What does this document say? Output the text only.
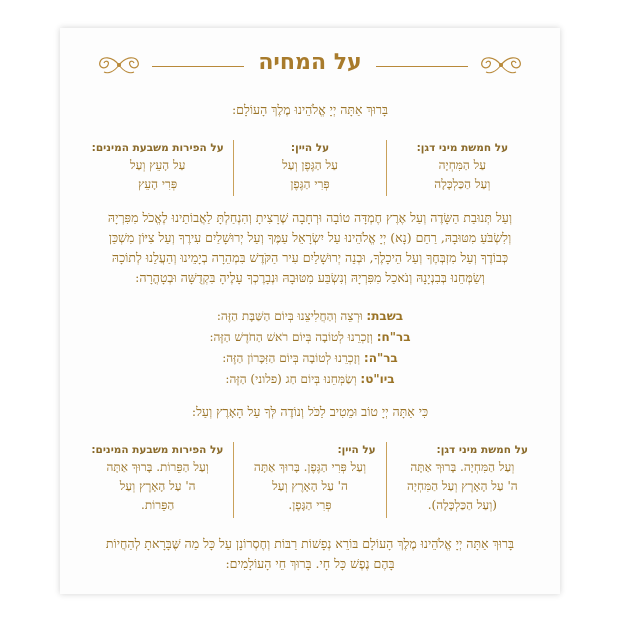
על המחיה
בָּרוּךְ אַתָּה יְיָ אֱלֹהֵינוּ מֶלֶךְ הָעוֹלָם:
על חמשת מיני דגן:
עַל הַמִּחְיָה
וְעַל הַכַּלְכָּלָה
על היין:
עַל הַגֶּפֶן וְעַל
פְּרִי הַגֶּפֶן
על הפירות משבעת המינים:
עַל הָעֵץ וְעַל
פְּרִי הָעֵץ
וְעַל תְּנוּבַת הַשָּׂדֶה וְעַל אֶרֶץ חֶמְדָּה טוֹבָה וּרְחָבָה שֶׁרָצִיתָ וְהִנְחַלְתָּ לַאֲבוֹתֵינוּ לֶאֱכֹל מִפִּרְיָהּ
וְלִשְׂבֹּעַ מִטּוּבָהּ, רַחֵם (נָא) יְיָ אֱלֹהֵינוּ עַל יִשְׂרָאֵל עַמֶּךָ וְעַל יְרוּשָׁלַיִם עִירֶךָ וְעַל צִיּוֹן מִשְׁכַּן
כְּבוֹדֶךָ וְעַל מִזְבְּחֶךָ וְעַל הֵיכָלֶךָ, וּבְנֵה יְרוּשָׁלַיִם עִיר הַקֹּדֶשׁ בִּמְהֵרָה בְיָמֵינוּ וְהַעֲלֵנוּ לְתוֹכָהּ
וְשַׂמְּחֵנוּ בְּבִנְיָנָהּ וְנֹאכַל מִפִּרְיָהּ וְנִשְׂבַּע מִטּוּבָהּ וּנְבָרֶכְךָ עָלֶיהָ בִּקְדֻשָּׁה וּבְטָהֳרָה:
בשבת: וּרְצֵה וְהַחֲלִיצֵנוּ בְּיוֹם הַשַּׁבָּת הַזֶּה:
בר"ח: וְזָכְרֵנוּ לְטוֹבָה בְּיוֹם רֹאשׁ הַחֹדֶשׁ הַזֶּה:
בר"ה: וְזָכְרֵנוּ לְטוֹבָה בְּיוֹם הַזִּכָּרוֹן הַזֶּה:
ביו"ט: וְשַׂמְּחֵנוּ בְּיוֹם חַג (פלוני) הַזֶּה:
כִּי אַתָּה יְיָ טוֹב וּמֵטִיב לַכֹּל וְנוֹדֶה לְּךָ עַל הָאָרֶץ וְעַל:
על חמשת מיני דגן:
וְעַל הַמִּחְיָה. בָּרוּךְ אַתָּה
ה' עַל הָאָרֶץ וְעַל הַמִּחְיָה
(וְעַל הַכַּלְכָּלָה).
על היין:
וְעַל פְּרִי הַגֶּפֶן. בָּרוּךְ אַתָּה
ה' עַל הָאָרֶץ וְעַל
פְּרִי הַגָּפֶן.
על הפירות משבעת המינים:
וְעַל הַפֵּרוֹת. בָּרוּךְ אַתָּה
ה' עַל הָאָרֶץ וְעַל
הַפֵּרוֹת.
בָּרוּךְ אַתָּה יְיָ אֱלֹהֵינוּ מֶלֶךְ הָעוֹלָם בּוֹרֵא נְפָשׁוֹת רַבּוֹת וְחֶסְרוֹנָן עַל כָּל מַה שֶּׁבָּרָאתָ לְהַחֲיוֹת
בָּהֶם נֶפֶשׁ כָּל חָי. בָּרוּךְ חֵי הָעוֹלָמִים:
